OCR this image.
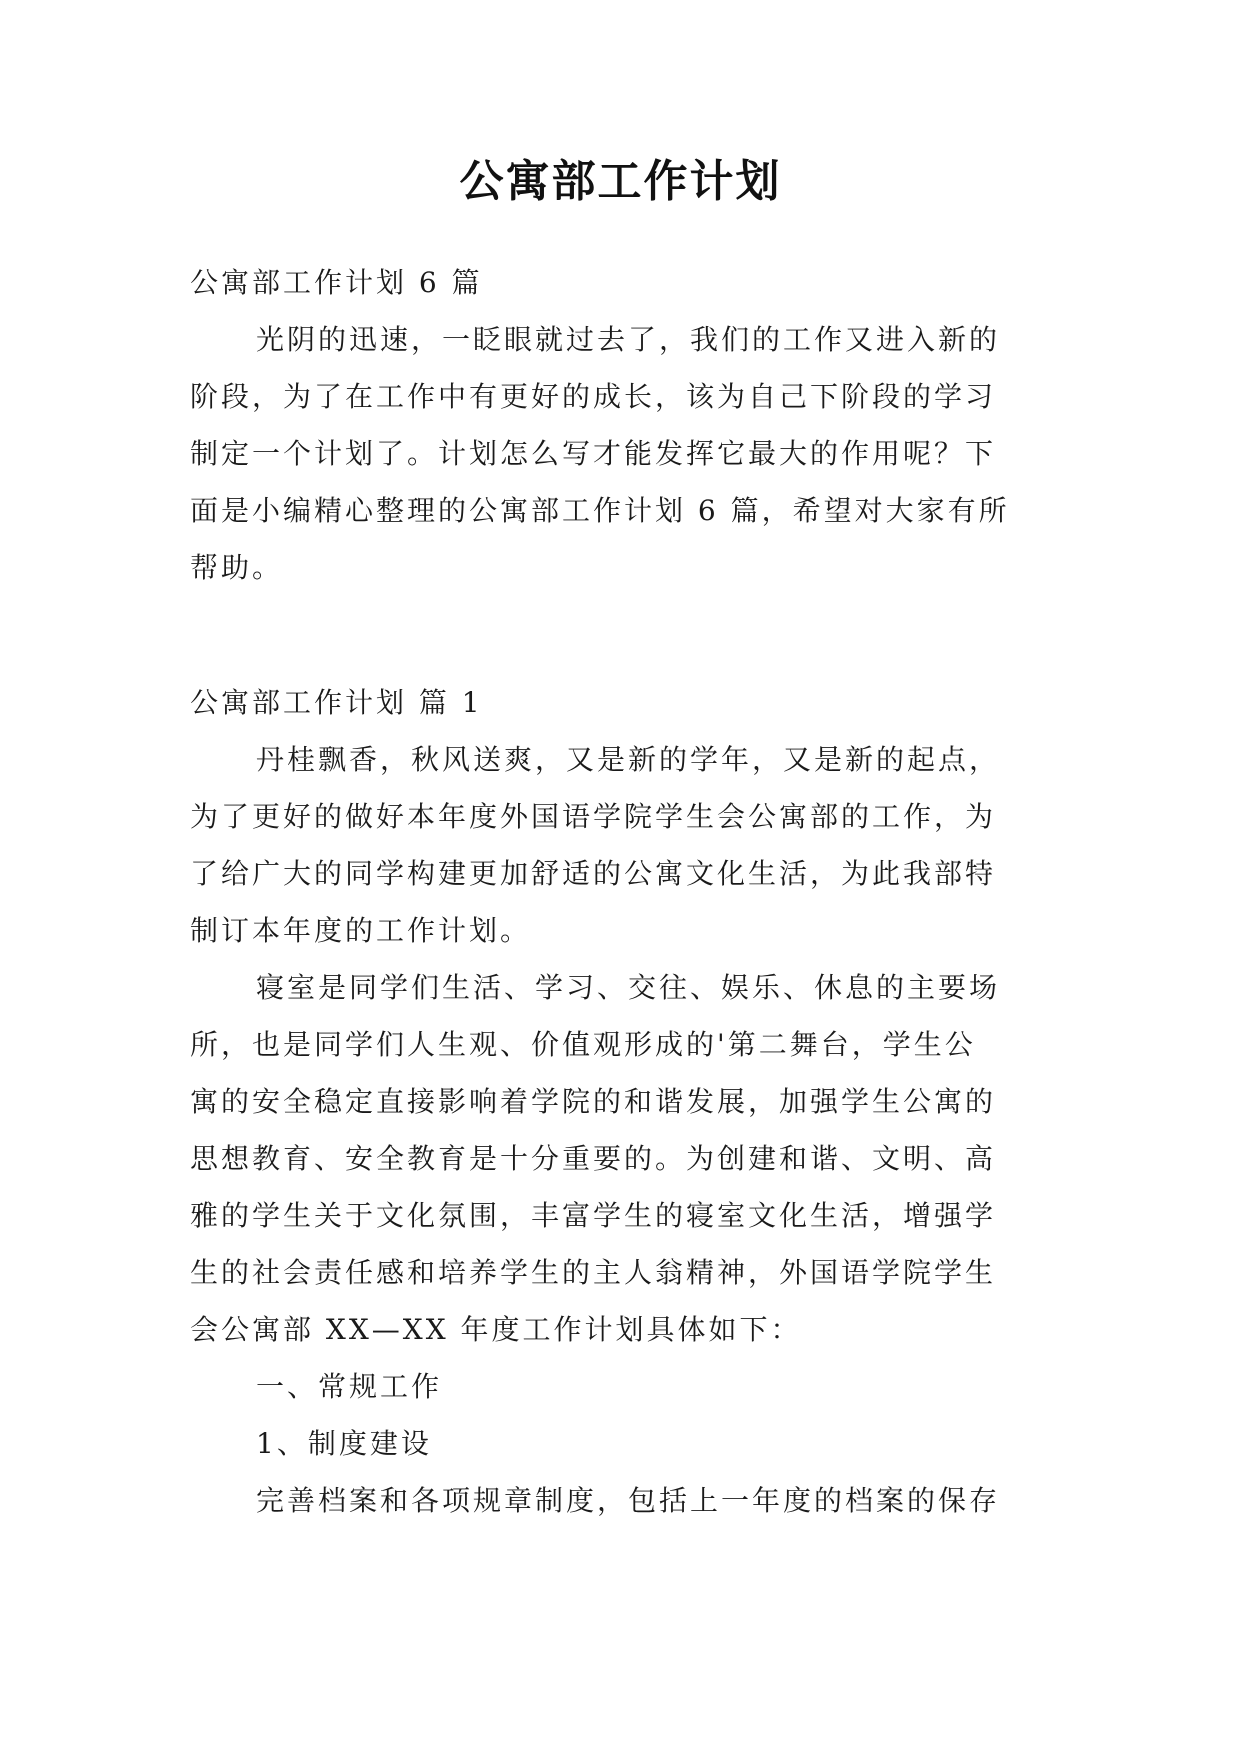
公寓部工作计划
公寓部工作计划 6 篇
光阴的迅速，一眨眼就过去了，我们的工作又进入新的
阶段，为了在工作中有更好的成长，该为自己下阶段的学习
制定一个计划了。计划怎么写才能发挥它最大的作用呢？下
面是小编精心整理的公寓部工作计划 6 篇，希望对大家有所
帮助。
公寓部工作计划 篇 1
丹桂飘香，秋风送爽，又是新的学年，又是新的起点，
为了更好的做好本年度外国语学院学生会公寓部的工作，为
了给广大的同学构建更加舒适的公寓文化生活，为此我部特
制订本年度的工作计划。
寝室是同学们生活、学习、交往、娱乐、休息的主要场
所，也是同学们人生观、价值观形成的'第二舞台，学生公
寓的安全稳定直接影响着学院的和谐发展，加强学生公寓的
思想教育、安全教育是十分重要的。为创建和谐、文明、高
雅的学生关于文化氛围，丰富学生的寝室文化生活，增强学
生的社会责任感和培养学生的主人翁精神，外国语学院学生
会公寓部 XX—XX 年度工作计划具体如下：
一、常规工作
1、制度建设
完善档案和各项规章制度，包括上一年度的档案的保存
